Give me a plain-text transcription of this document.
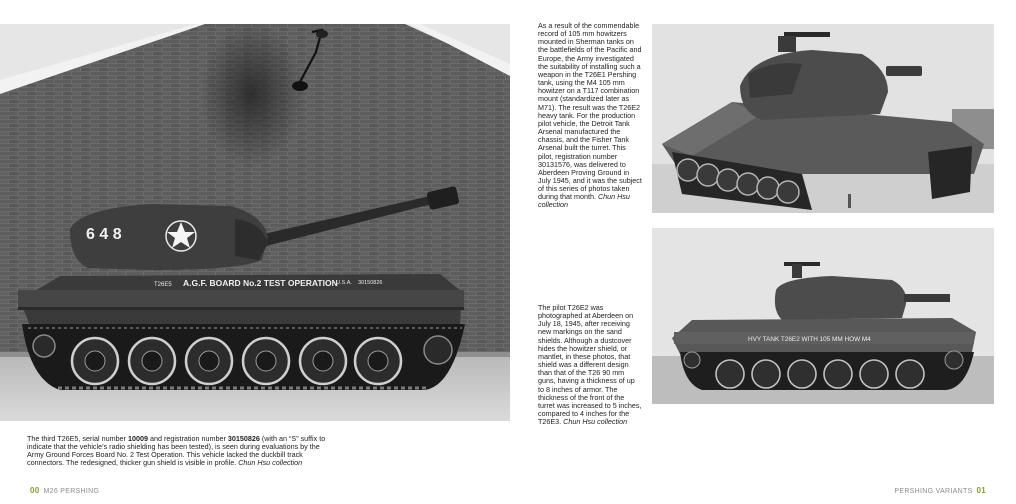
6 4 8
T26E5 A.G.F. BOARD No.2 TEST OPERATION
U.S.A. 30150826

The third T26E5, serial number 10009 and registration number 30150826 (with an “S” suffix to indicate that the vehicle’s radio shielding has been tested), is seen during evaluations by the Army Ground Forces Board No. 2 Test Operation. This vehicle lacked the duckbill track connectors. The redesigned, thicker gun shield is visible in profile. Chun Hsu collection

As a result of the commendable record of 105 mm howitzers mounted in Sherman tanks on the battlefields of the Pacific and Europe, the Army investigated the suitability of installing such a weapon in the T26E1 Pershing tank, using the M4 105 mm howitzer on a T117 combination mount (standardized later as M71). The result was the T26E2 heavy tank. For the production pilot vehicle, the Detroit Tank Arsenal manufactured the chassis, and the Fisher Tank Arsenal built the turret. This pilot, registration number 30131576, was delivered to Aberdeen Proving Ground in July 1945, and it was the subject of this series of photos taken during that month. Chun Hsu collection

The pilot T26E2 was photographed at Aberdeen on July 18, 1945, after receiving new markings on the sand shields. Although a dustcover hides the howitzer shield, or mantlet, in these photos, that shield was a different design than that of the T26 90 mm guns, having a thickness of up to 8 inches of armor. The thickness of the front of the turret was increased to 5 inches, compared to 4 inches for the T26E3. Chun Hsu collection

HVY TANK T26E2 WITH 105 MM HOW M4
00 M26 PERSHING	PERSHING VARIANTS 01
